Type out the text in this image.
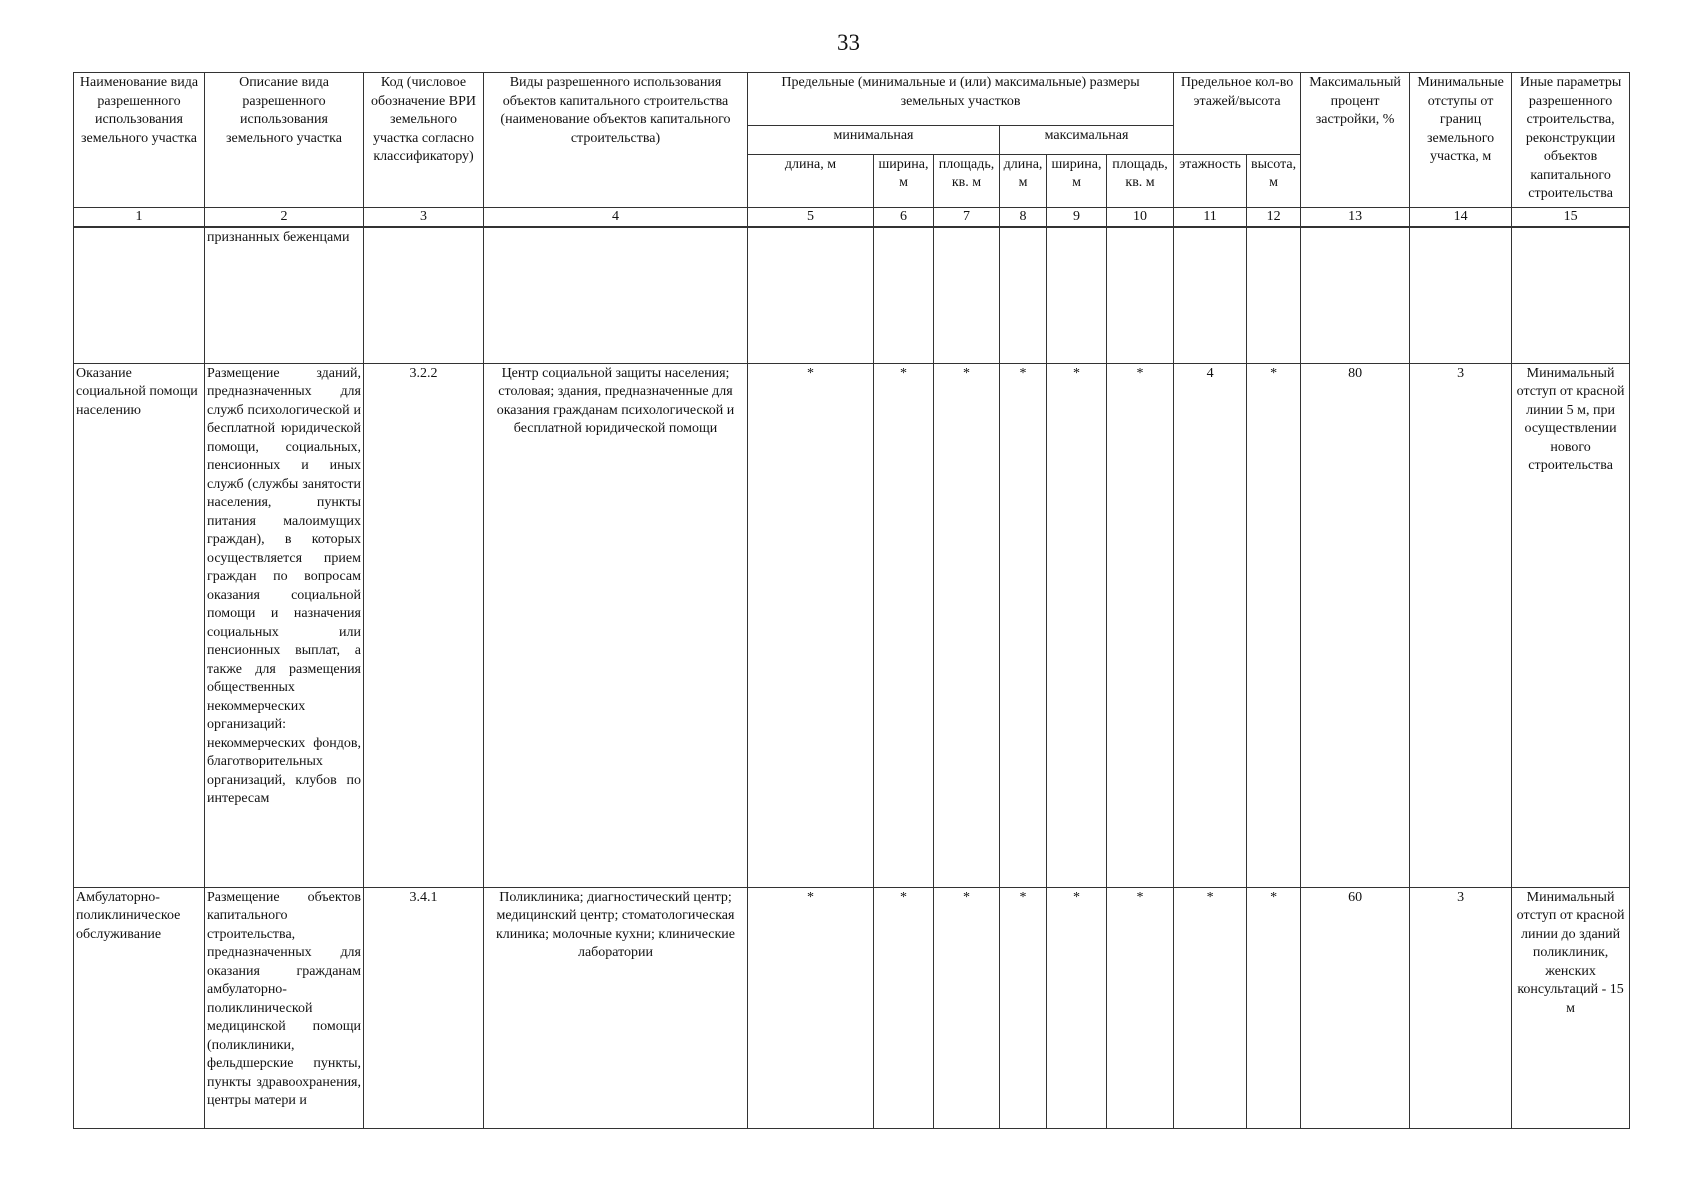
33
Наименование вида разрешенного использования земельного участка	Описание вида разрешенного использования земельного участка	Код (числовое обозначение ВРИ земельного участка согласно классификатору)	Виды разрешенного использования объектов капитального строительства (наименование объектов капитального строительства)	Предельные (минимальные и (или) максимальные) размеры земельных участков						Предельное кол-во этажей/высота		Максимальный процент застройки, %	Минимальные отступы от границ земельного участка, м	Иные параметры разрешенного строительства, реконструкции объектов капитального строительства
				минимальная			максимальная							
				длина, м	ширина, м	площадь, кв. м	длина, м	ширина, м	площадь, кв. м	этажность	высота, м			
1	2	3	4	5	6	7	8	9	10	11	12	13	14	15
	признанных беженцами													
Оказание социальной помощи населению	Размещение зданий, предназначенных для служб психологической и бесплатной юридической помощи, социальных, пенсионных и иных служб (службы занятости населения, пункты питания малоимущих граждан), в которых осуществляется прием граждан по вопросам оказания социальной помощи и назначения социальных или пенсионных выплат, а также для размещения общественных некоммерческих организаций: некоммерческих фондов, благотворительных организаций, клубов по интересам	3.2.2	Центр социальной защиты населения; столовая; здания, предназначенные для оказания гражданам психологической и бесплатной юридической помощи	*	*	*	*	*	*	4	*	80	3	Минимальный отступ от красной линии 5 м, при осуществлении нового строительства
Амбулаторно-поликлиническое обслуживание	Размещение объектов капитального строительства, предназначенных для оказания гражданам амбулаторно-поликлинической медицинской помощи (поликлиники, фельдшерские пункты, пункты здравоохранения, центры матери и	3.4.1	Поликлиника; диагностический центр; медицинский центр; стоматологическая клиника; молочные кухни; клинические лаборатории	*	*	*	*	*	*	*	*	60	3	Минимальный отступ от красной линии до зданий поликлиник, женских консультаций - 15 м
